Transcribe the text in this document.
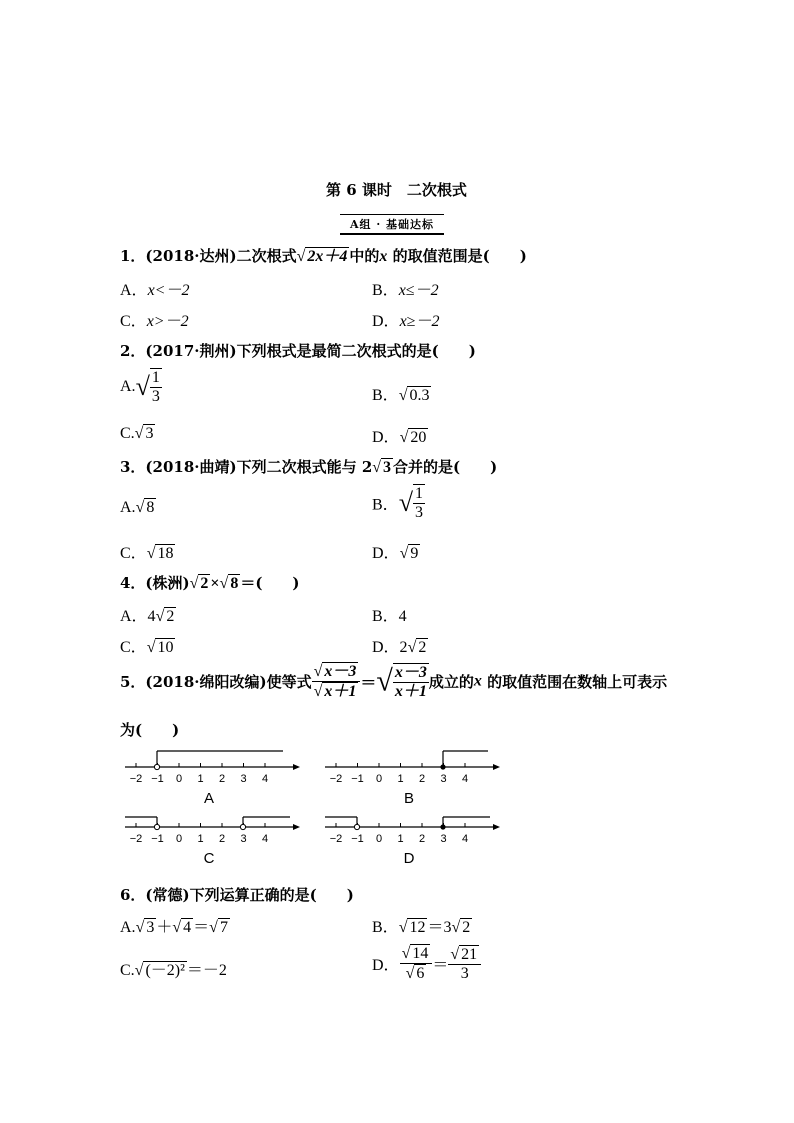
第 6 课时　二次根式
A组 · 基础达标
1．(2018·达州)二次根式√ 2x＋4 中的x 的取值范围是(　　)
A．x<－2	B．x≤－2
C．x>－2	D．x≥－2
2．(2017·荆州)下列根式是最简二次根式的是(　　)
$A.√ \frac{1}{3}$	B．√ 0.3
C.√ 3	D．√ 20
3．(2018·曲靖)下列二次根式能与 2√ 3 合并的是(　　)
A.√ 8	B．√ $\frac{1}{3}$
C．√ 18	D．√ 9
4．(株洲)√ 2 ×√ 8 ＝(　　)
A．4√ 2	B．4
C．√ 10	D．2√ 2
5．(2018·绵阳改编)使等式 $\frac{√ x-3}{√ x+1}$ ＝√ $\frac{x-3}{x+1}$ 成立的x 的取值范围在数轴上可表示
为(　　)
−2 −1 0 1 2 3 4
A
−2 −1 0 1 2 3 4
B
−2 −1 0 1 2 3 4
C
−2 −1 0 1 2 3 4
D
6．(常德)下列运算正确的是(　　)
A.√ 3 ＋√ 4 ＝√ 7	B．√ 12 ＝3√ 2
C.√ (－2)² ＝－2	D． $\frac{√ 14}{√ 6} = \frac{√ 21}{3}$
